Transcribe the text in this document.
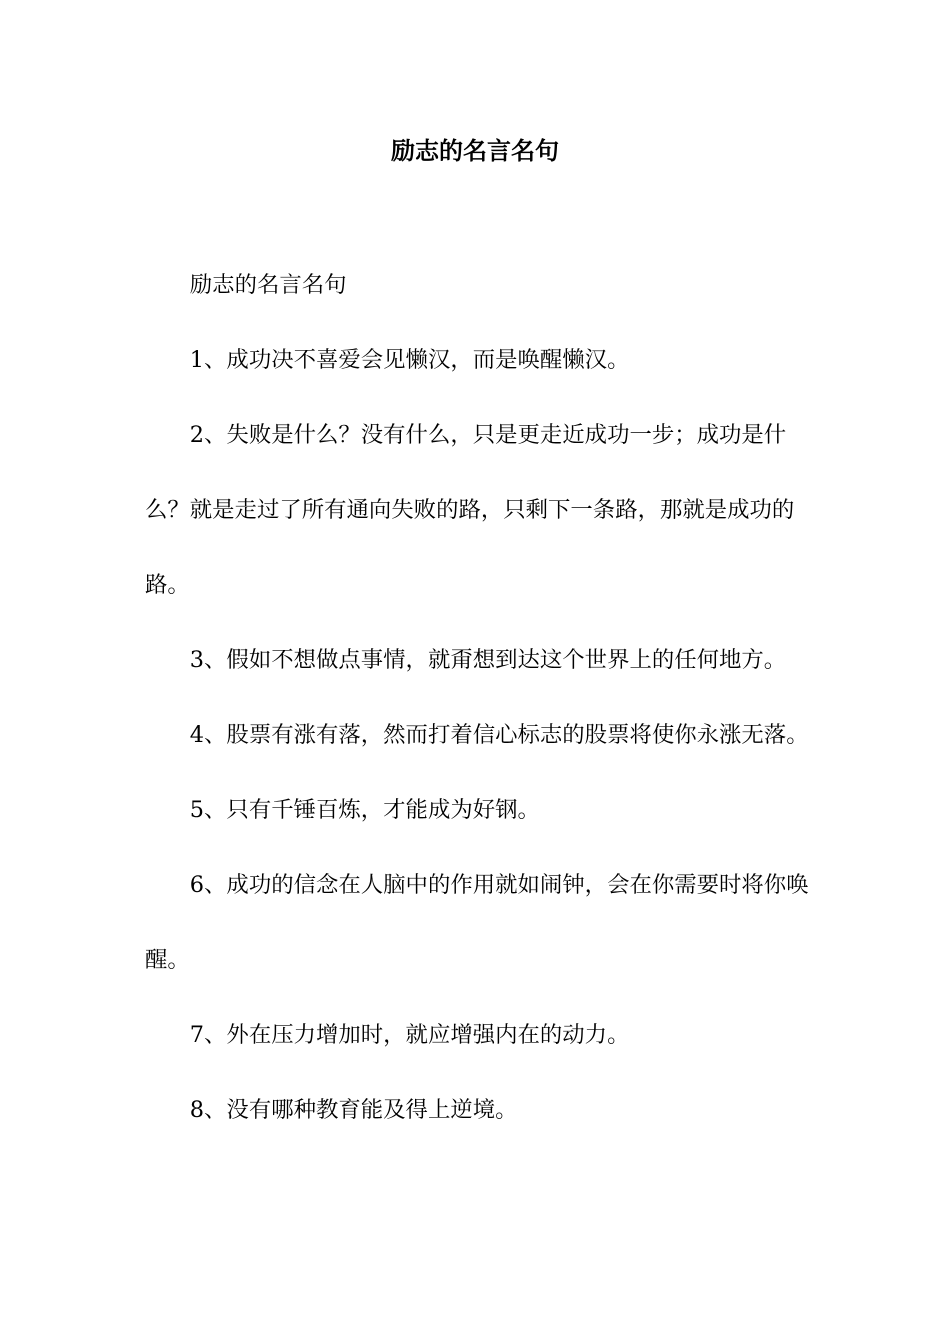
励志的名言名句

励志的名言名句

1、成功决不喜爱会见懒汉，而是唤醒懒汉。

2、失败是什么？没有什么，只是更走近成功一步；成功是什么？就是走过了所有通向失败的路，只剩下一条路，那就是成功的路。

3、假如不想做点事情，就甭想到达这个世界上的任何地方。

4、股票有涨有落，然而打着信心标志的股票将使你永涨无落。

5、只有千锤百炼，才能成为好钢。

6、成功的信念在人脑中的作用就如闹钟，会在你需要时将你唤醒。

7、外在压力增加时，就应增强内在的动力。

8、没有哪种教育能及得上逆境。
